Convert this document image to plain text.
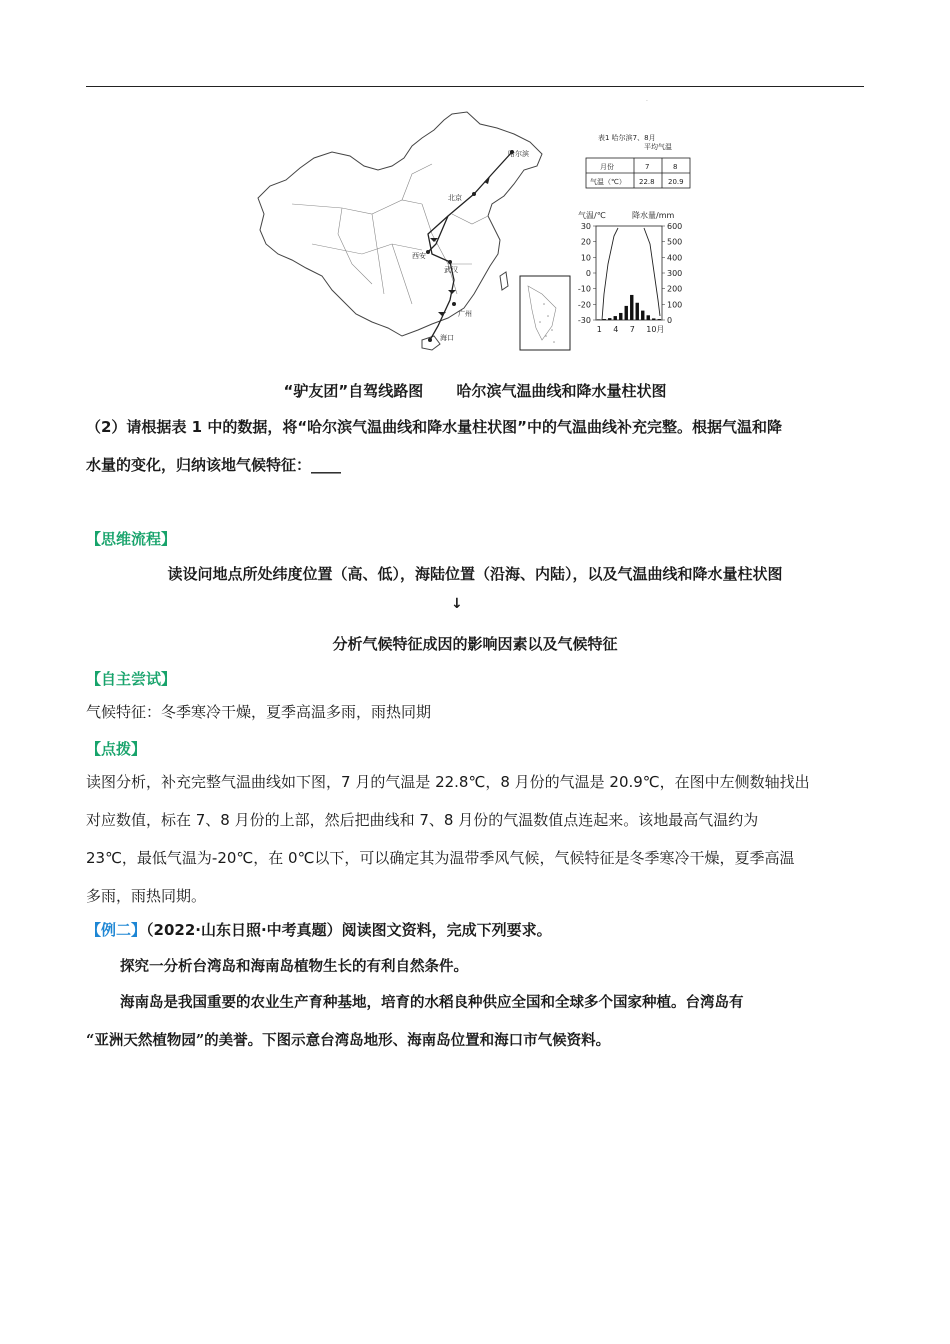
.
哈尔滨
北京
西安
武汉
广州
海口
表1 哈尔滨7、8月
平均气温
月份	7	8
气温（℃） 22.8 20.9
气温/℃	降水量/mm
30
20
10
0
-10
-20
-30
600
500
400
300
200
100
0
1 4 7 10月
“驴友团”自驾线路图 哈尔滨气温曲线和降水量柱状图
（2）请根据表 1 中的数据，将“哈尔滨气温曲线和降水量柱状图”中的气温曲线补充完整。根据气温和降
水量的变化，归纳该地气候特征：____
【思维流程】
读设问地点所处纬度位置（高、低），海陆位置（沿海、内陆），以及气温曲线和降水量柱状图
↓
分析气候特征成因的影响因素以及气候特征
【自主尝试】
气候特征：冬季寒冷干燥，夏季高温多雨，雨热同期
【点拨】
读图分析，补充完整气温曲线如下图，7 月的气温是 22.8℃，8 月份的气温是 20.9℃，在图中左侧数轴找出
对应数值，标在 7、8 月份的上部，然后把曲线和 7、8 月份的气温数值点连起来。该地最高气温约为
23℃，最低气温为-20℃，在 0℃以下，可以确定其为温带季风气候，气候特征是冬季寒冷干燥，夏季高温
多雨，雨热同期。
【例二】（2022·山东日照·中考真题）阅读图文资料，完成下列要求。
探究一分析台湾岛和海南岛植物生长的有利自然条件。
海南岛是我国重要的农业生产育种基地，培育的水稻良种供应全国和全球多个国家种植。台湾岛有
“亚洲天然植物园”的美誉。下图示意台湾岛地形、海南岛位置和海口市气候资料。
